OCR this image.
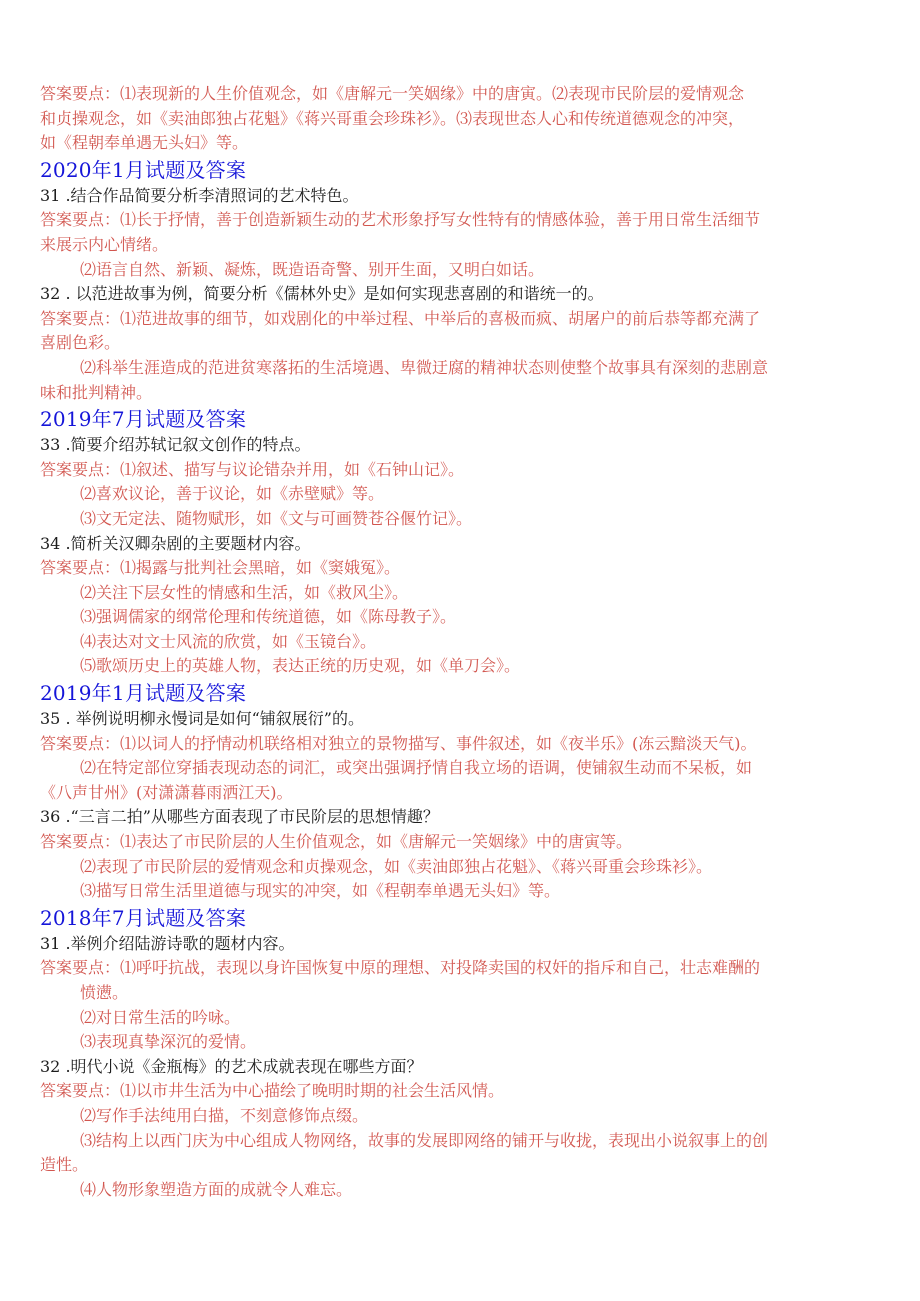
答案要点：⑴表现新的人生价值观念，如《唐解元一笑姻缘》中的唐寅。⑵表现市民阶层的爱情观念
和贞操观念，如《卖油郎独占花魁》《蒋兴哥重会珍珠衫》。⑶表现世态人心和传统道德观念的冲突，
如《程朝奉单遇无头妇》等。
2020年1月试题及答案
31 .结合作品简要分析李清照词的艺术特色。
答案要点：⑴长于抒情，善于创造新颖生动的艺术形象抒写女性特有的情感体验，善于用日常生活细节
来展示内心情绪。
⑵语言自然、新颖、凝炼，既造语奇警、别开生面，又明白如话。
32 . 以范进故事为例，简要分析《儒林外史》是如何实现悲喜剧的和谐统一的。
答案要点：⑴范进故事的细节，如戏剧化的中举过程、中举后的喜极而疯、胡屠户的前后恭等都充满了
喜剧色彩。
⑵科举生涯造成的范进贫寒落拓的生活境遇、卑微迂腐的精神状态则使整个故事具有深刻的悲剧意
味和批判精神。
2019年7月试题及答案
33 .简要介绍苏轼记叙文创作的特点。
答案要点：⑴叙述、描写与议论错杂并用，如《石钟山记》。
⑵喜欢议论，善于议论，如《赤壁赋》等。
⑶文无定法、随物赋形，如《文与可画赞苍谷偃竹记》。
34 .简析关汉卿杂剧的主要题材内容。
答案要点：⑴揭露与批判社会黑暗，如《窦娥冤》。
⑵关注下层女性的情感和生活，如《救风尘》。
⑶强调儒家的纲常伦理和传统道德，如《陈母教子》。
⑷表达对文士风流的欣赏，如《玉镜台》。
⑸歌颂历史上的英雄人物，表达正统的历史观，如《单刀会》。
2019年1月试题及答案
35 . 举例说明柳永慢词是如何“铺叙展衍”的。
答案要点：⑴以词人的抒情动机联络相对独立的景物描写、事件叙述，如《夜半乐》(冻云黯淡天气)。
⑵在特定部位穿插表现动态的词汇，或突出强调抒情自我立场的语调，使铺叙生动而不呆板，如
《八声甘州》(对潇潇暮雨洒江天)。
36 .“三言二拍”从哪些方面表现了市民阶层的思想情趣？
答案要点：⑴表达了市民阶层的人生价值观念，如《唐解元一笑姻缘》中的唐寅等。
⑵表现了市民阶层的爱情观念和贞操观念，如《卖油郎独占花魁》、《蒋兴哥重会珍珠衫》。
⑶描写日常生活里道德与现实的冲突，如《程朝奉单遇无头妇》等。
2018年7月试题及答案
31 .举例介绍陆游诗歌的题材内容。
答案要点：⑴呼吁抗战，表现以身许国恢复中原的理想、对投降卖国的权奸的指斥和自己，壮志难酬的
愤懑。
⑵对日常生活的吟咏。
⑶表现真挚深沉的爱情。
32 .明代小说《金瓶梅》的艺术成就表现在哪些方面？
答案要点：⑴以市井生活为中心描绘了晚明时期的社会生活风情。
⑵写作手法纯用白描，不刻意修饰点缀。
⑶结构上以西门庆为中心组成人物网络，故事的发展即网络的铺开与收拢，表现出小说叙事上的创
造性。
⑷人物形象塑造方面的成就令人难忘。
